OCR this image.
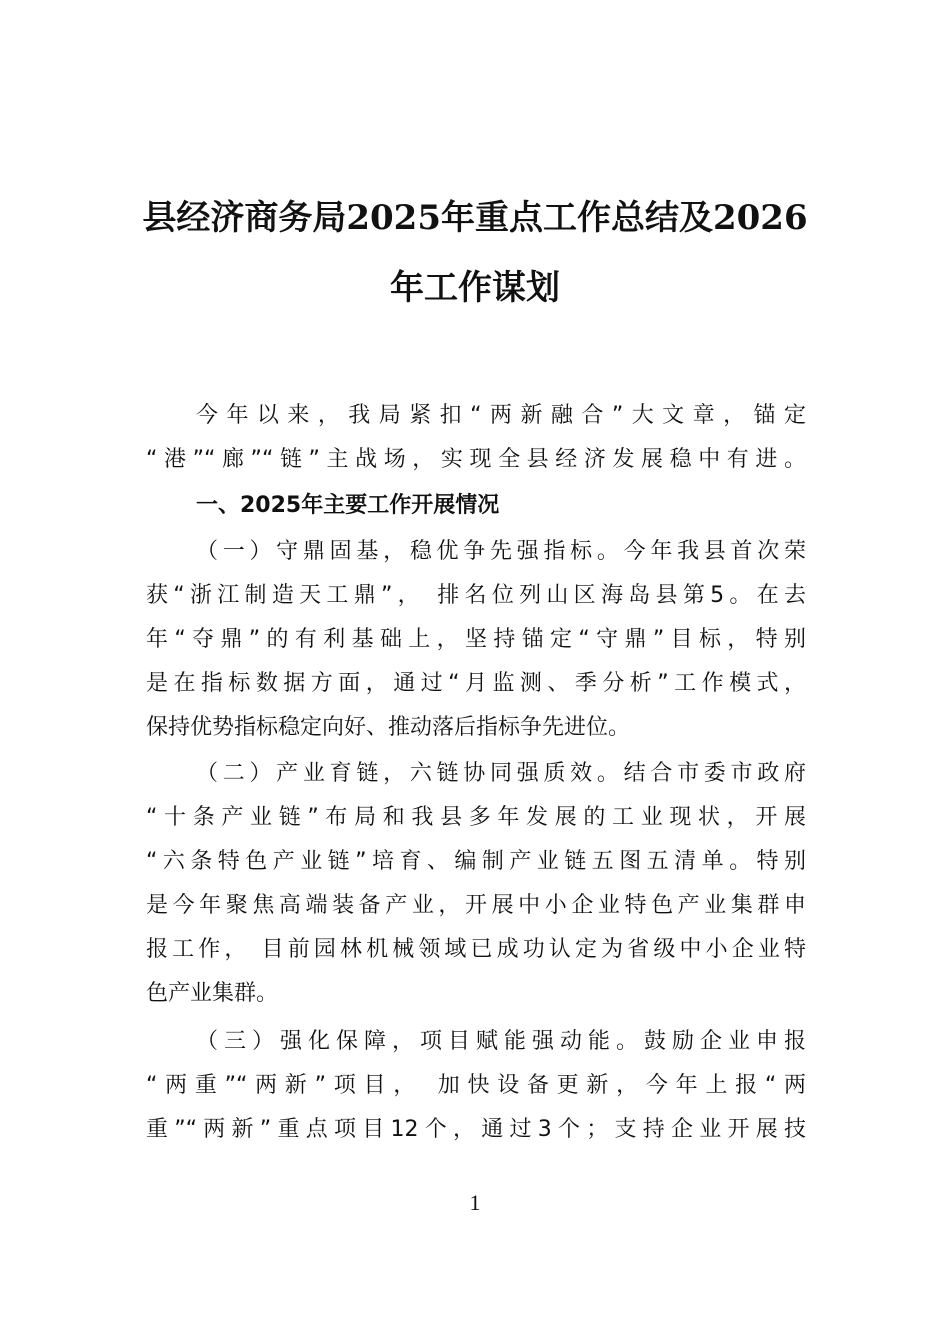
县经济商务局2025年重点工作总结及2026
年工作谋划
今年以来，我局紧扣“两新融合”大文章，锚定
“港”“廊”“链”主战场，实现全县经济发展稳中有进。
一、2025年主要工作开展情况
（一）守鼎固基，稳优争先强指标。今年我县首次荣
获“浙江制造天工鼎”， 排名位列山区海岛县第5。在去
年“夺鼎”的有利基础上，坚持锚定“守鼎”目标，特别
是在指标数据方面，通过“月监测、季分析”工作模式，
保持优势指标稳定向好、推动落后指标争先进位。
（二）产业育链，六链协同强质效。结合市委市政府
“十条产业链”布局和我县多年发展的工业现状，开展
“六条特色产业链”培育、编制产业链五图五清单。特别
是今年聚焦高端装备产业，开展中小企业特色产业集群申
报工作， 目前园林机械领域已成功认定为省级中小企业特
色产业集群。
（三）强化保障，项目赋能强动能。鼓励企业申报
“两重”“两新”项目， 加快设备更新，今年上报“两
重”“两新”重点项目12个，通过3个；支持企业开展技
1
